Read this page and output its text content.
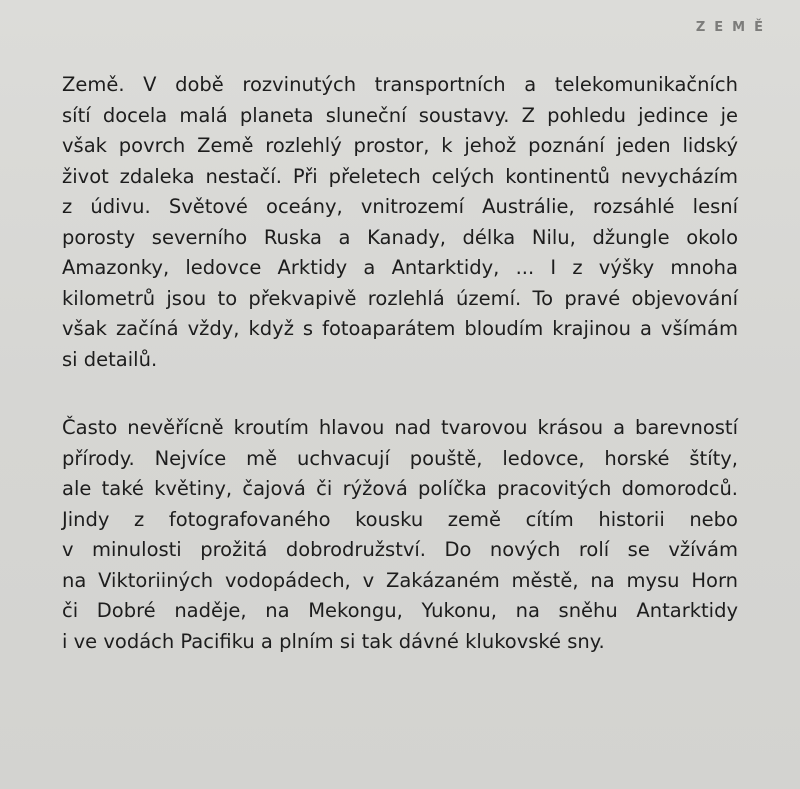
ZEMĚ

Země. V době rozvinutých transportních a telekomunikačních
sítí docela malá planeta sluneční soustavy. Z pohledu jedince je
však povrch Země rozlehlý prostor, k jehož poznání jeden lidský
život zdaleka nestačí. Při přeletech celých kontinentů nevycházím
z údivu. Světové oceány, vnitrozemí Austrálie, rozsáhlé lesní
porosty severního Ruska a Kanady, délka Nilu, džungle okolo
Amazonky, ledovce Arktidy a Antarktidy, ... I z výšky mnoha
kilometrů jsou to překvapivě rozlehlá území. To pravé objevování
však začíná vždy, když s fotoaparátem bloudím krajinou a všímám
si detailů.

Často nevěřícně kroutím hlavou nad tvarovou krásou a barevností
přírody. Nejvíce mě uchvacují pouště, ledovce, horské štíty,
ale také květiny, čajová či rýžová políčka pracovitých domorodců.
Jindy z fotografovaného kousku země cítím historii nebo
v minulosti prožitá dobrodružství. Do nových rolí se vžívám
na Viktoriiných vodopádech, v Zakázaném městě, na mysu Horn
či Dobré naděje, na Mekongu, Yukonu, na sněhu Antarktidy
i ve vodách Pacifiku a plním si tak dávné klukovské sny.
